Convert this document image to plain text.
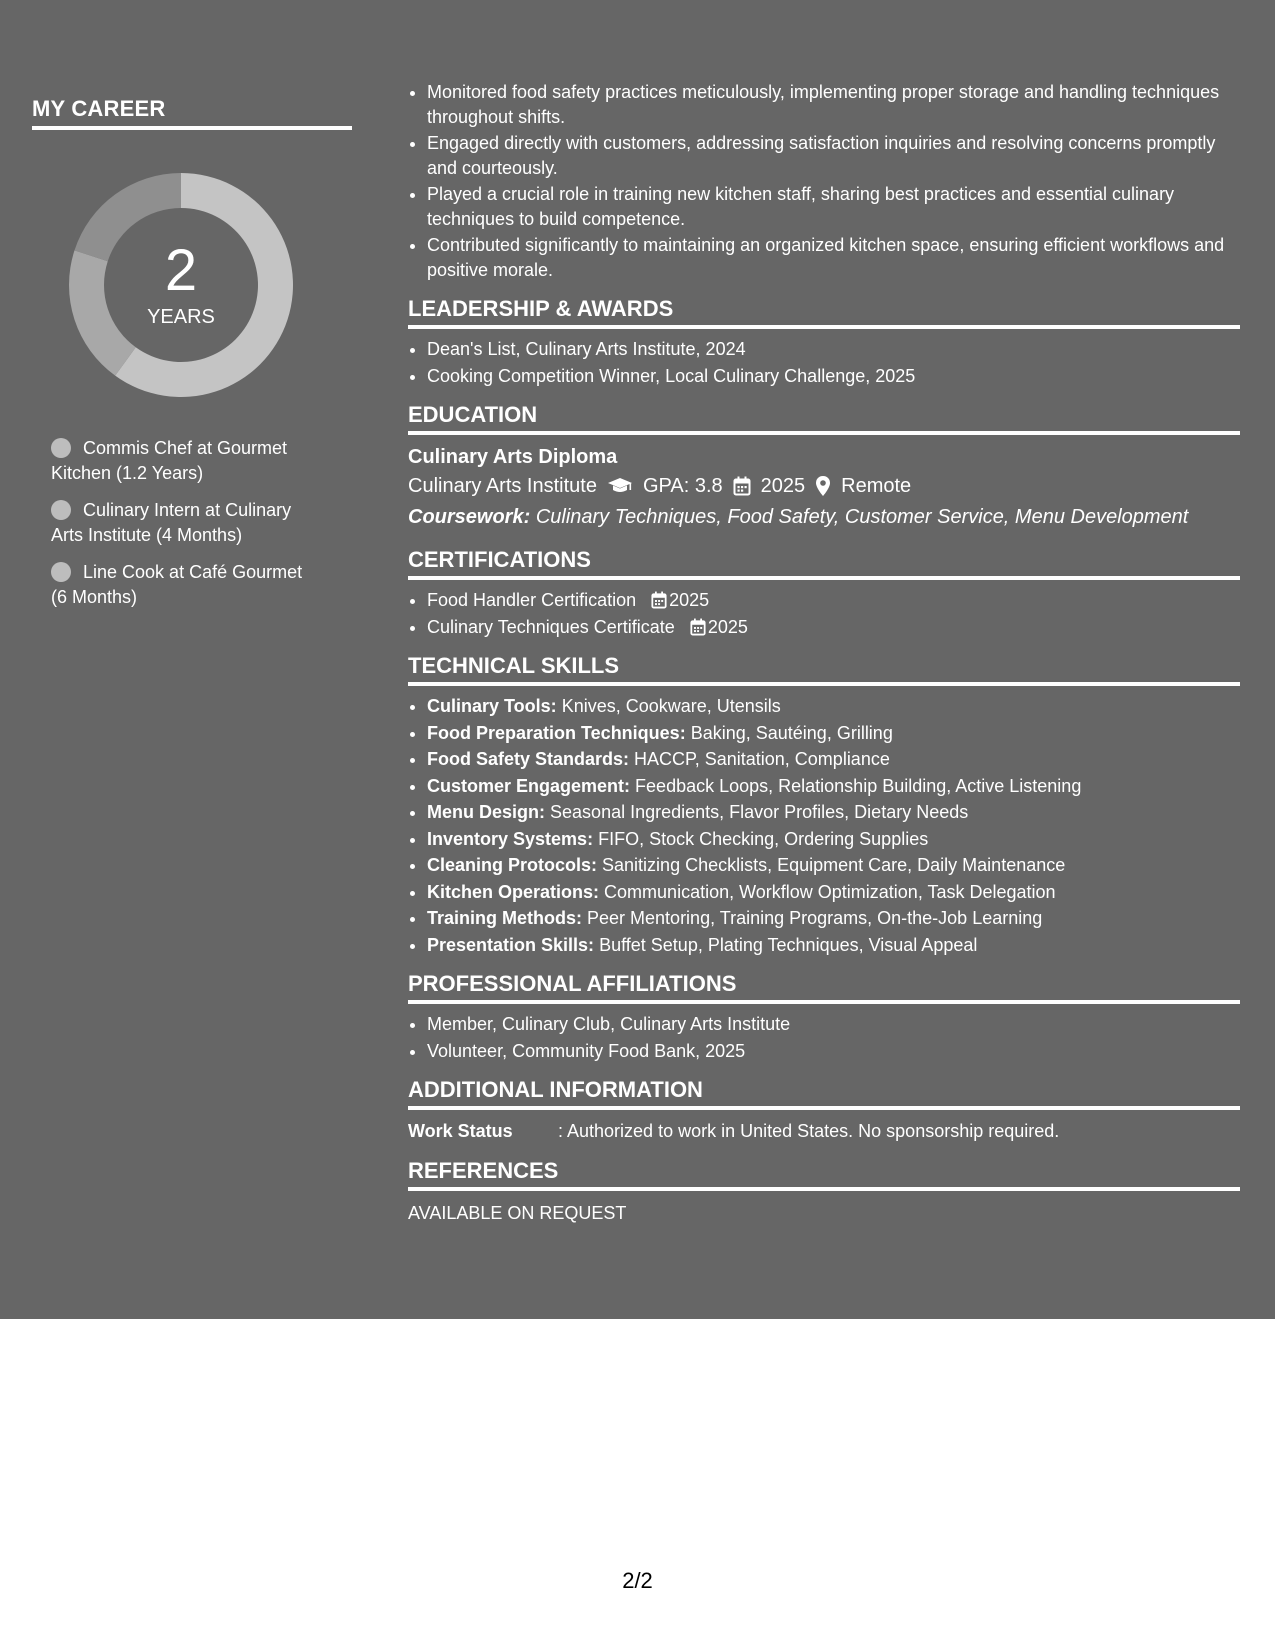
MY CAREER
2
YEARS
Commis Chef at Gourmet Kitchen (1.2 Years)
Culinary Intern at Culinary Arts Institute (4 Months)
Line Cook at Café Gourmet (6 Months)
• Monitored food safety practices meticulously, implementing proper storage and handling techniques throughout shifts.
• Engaged directly with customers, addressing satisfaction inquiries and resolving concerns promptly and courteously.
• Played a crucial role in training new kitchen staff, sharing best practices and essential culinary techniques to build competence.
• Contributed significantly to maintaining an organized kitchen space, ensuring efficient workflows and positive morale.
LEADERSHIP & AWARDS
• Dean's List, Culinary Arts Institute, 2024
• Cooking Competition Winner, Local Culinary Challenge, 2025
EDUCATION
Culinary Arts Diploma
Culinary Arts Institute GPA: 3.8 2025 Remote
Coursework: Culinary Techniques, Food Safety, Customer Service, Menu Development
CERTIFICATIONS
• Food Handler Certification 2025
• Culinary Techniques Certificate 2025
TECHNICAL SKILLS
• Culinary Tools: Knives, Cookware, Utensils
• Food Preparation Techniques: Baking, Sautéing, Grilling
• Food Safety Standards: HACCP, Sanitation, Compliance
• Customer Engagement: Feedback Loops, Relationship Building, Active Listening
• Menu Design: Seasonal Ingredients, Flavor Profiles, Dietary Needs
• Inventory Systems: FIFO, Stock Checking, Ordering Supplies
• Cleaning Protocols: Sanitizing Checklists, Equipment Care, Daily Maintenance
• Kitchen Operations: Communication, Workflow Optimization, Task Delegation
• Training Methods: Peer Mentoring, Training Programs, On-the-Job Learning
• Presentation Skills: Buffet Setup, Plating Techniques, Visual Appeal
PROFESSIONAL AFFILIATIONS
• Member, Culinary Club, Culinary Arts Institute
• Volunteer, Community Food Bank, 2025
ADDITIONAL INFORMATION
Work Status	: Authorized to work in United States. No sponsorship required.
REFERENCES
AVAILABLE ON REQUEST
2/2
